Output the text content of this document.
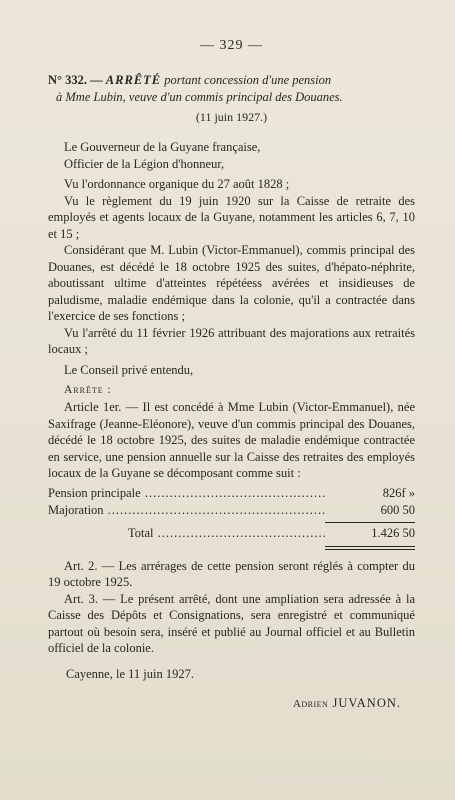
— 329 —
N° 332. — ARRÊTÉ portant concession d'une pension
à Mme Lubin, veuve d'un commis principal des Douanes.
(11 juin 1927.)

Le Gouverneur de la Guyane française,

Officier de la Légion d'honneur,

Vu l'ordonnance organique du 27 août 1828 ;

Vu le règlement du 19 juin 1920 sur la Caisse de retraite des employés et agents locaux de la Guyane, notamment les articles 6, 7, 10 et 15 ;

Considérant que M. Lubin (Victor-Emmanuel), commis principal des Douanes, est décédé le 18 octobre 1925 des suites, d'hépato-néphrite, aboutissant ultime d'atteintes répétéess avérées et insidieuses de paludisme, maladie endémique dans la colonie, qu'il a contractée dans l'exercice de ses fonctions ;

Vu l'arrêté du 11 février 1926 attribuant des majorations aux retraités locaux ;

Le Conseil privé entendu,

Arrête :

Article 1er. — Il est concédé à Mme Lubin (Victor-Emmanuel), née Saxifrage (Jeanne-Eléonore), veuve d'un commis principal des Douanes, décédé le 18 octobre 1925, des suites de maladie endémique contractée en service, une pension annuelle sur la Caisse des retraites des employés locaux de la Guyane se décomposant comme suit :

Pension principale .....	826f »
Majoration .....	600 50
Total .....	1.426 50

Art. 2. — Les arrérages de cette pension seront réglés à compter du 19 octobre 1925.

Art. 3. — Le présent arrêté, dont une ampliation sera adressée à la Caisse des Dépôts et Consignations, sera enregistré et communiqué partout où besoin sera, inséré et publié au Journal officiel et au Bulletin officiel de la colonie.

Cayenne, le 11 juin 1927.
Adrien JUVANON.
